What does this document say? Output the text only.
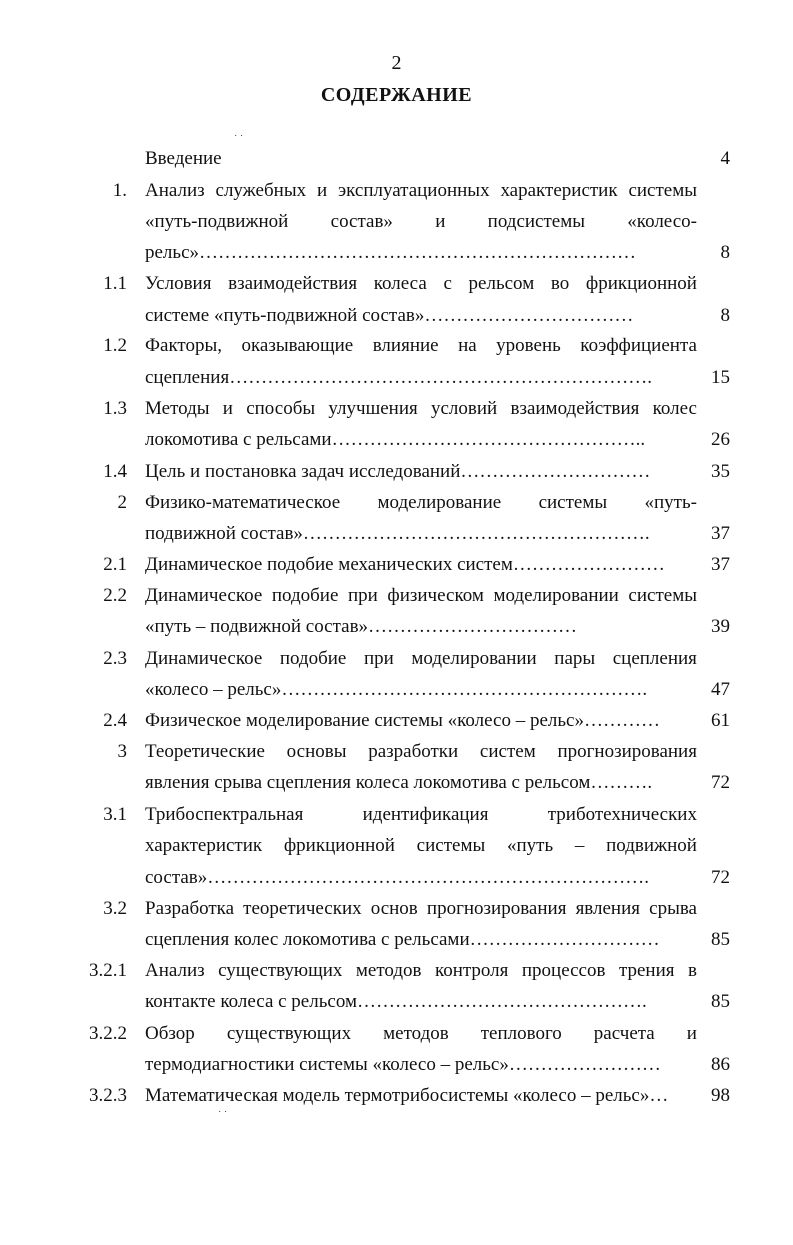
2
СОДЕРЖАНИЕ
˙ ˙
˙ ˙
Введение	4
1. Анализ служебных и эксплуатационных характеристик системы
«путь-подвижной состав» и подсистемы «колесо-
рельс»……………………………………………………………	8
1.1 Условия взаимодействия колеса с рельсом во фрикционной
системе «путь-подвижной состав»……………………………	8
1.2 Факторы, оказывающие влияние на уровень коэффициента
сцепления………………………………………………………….	15
1.3 Методы и способы улучшения условий взаимодействия колес
локомотива с рельсами…………………………………………..	26
1.4 Цель и постановка задач исследований…………………………	35
2 Физико-математическое моделирование системы «путь-
подвижной состав»……………………………………………….	37
2.1 Динамическое подобие механических систем……………………	37
2.2 Динамическое подобие при физическом моделировании системы
«путь – подвижной состав»……………………………	39
2.3 Динамическое подобие при моделировании пары сцепления
«колесо – рельс»………………………………………………….	47
2.4 Физическое моделирование системы «колесо – рельс»…………	61
3 Теоретические основы разработки систем прогнозирования
явления срыва сцепления колеса локомотива с рельсом……….	72
3.1 Трибоспектральная	идентификация	триботехнических
характеристик фрикционной системы «путь – подвижной
состав»…………………………………………………………….	72
3.2 Разработка теоретических основ прогнозирования явления срыва
сцепления колес локомотива с рельсами…………………………	85
3.2.1 Анализ существующих методов контроля процессов трения в
контакте колеса с рельсом……………………………………….	85
3.2.2 Обзор существующих методов теплового расчета и
термодиагностики системы «колесо – рельс»……………………	86
3.2.3 Математическая модель термотрибосистемы «колесо – рельс»…	98
